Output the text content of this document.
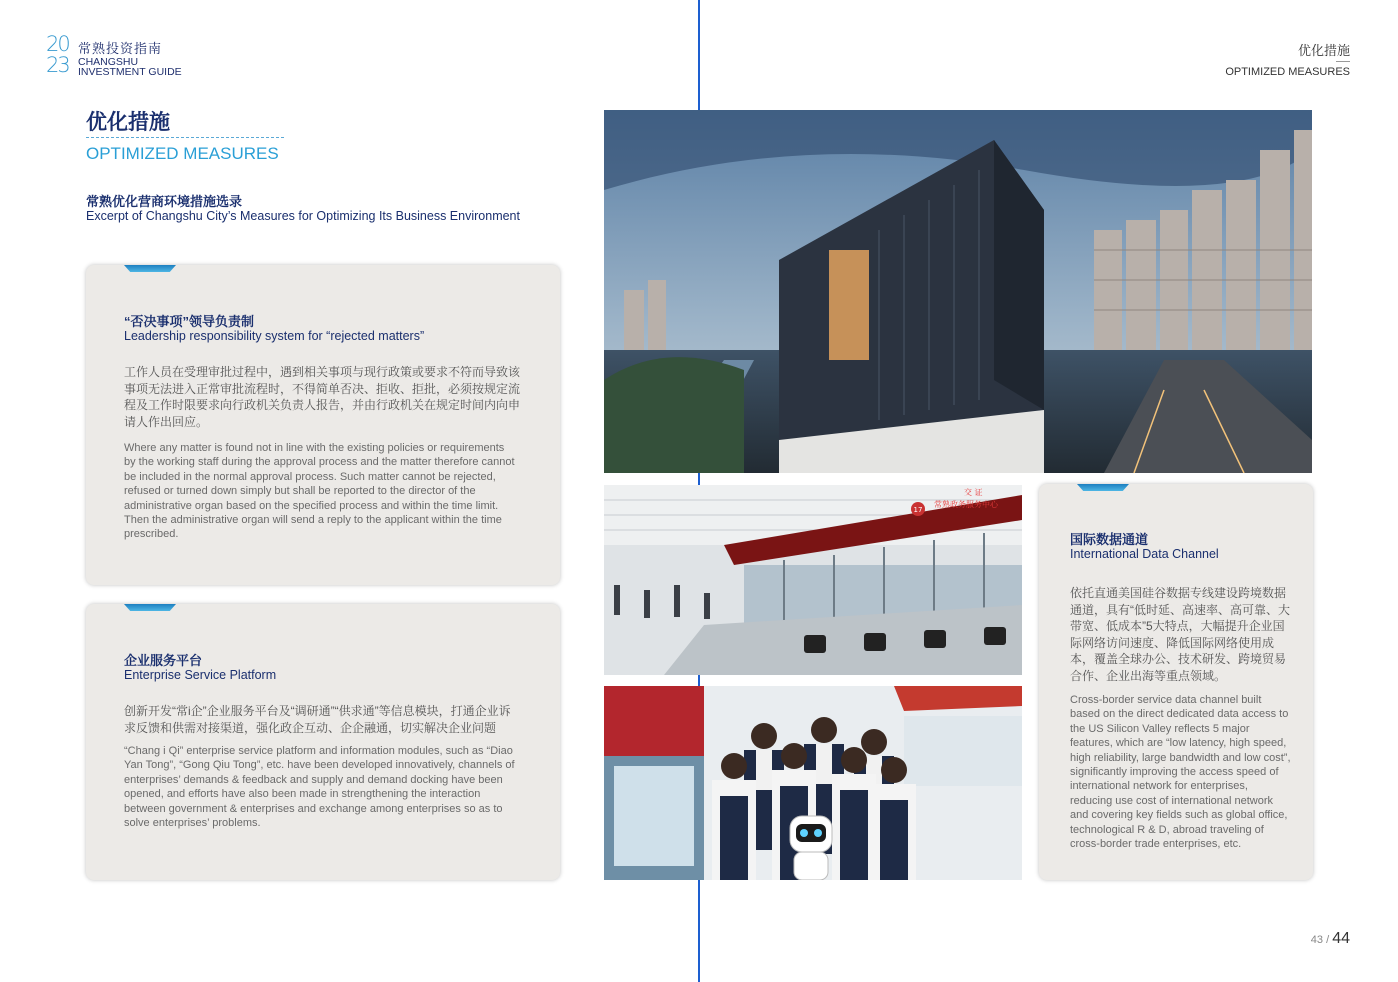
20
23
常熟投资指南
CHANGSHU
INVESTMENT GUIDE
优化措施
OPTIMIZED MEASURES
优化措施
OPTIMIZED MEASURES
常熟优化营商环境措施选录
Excerpt of Changshu City’s Measures for Optimizing Its Business Environment
“否决事项”领导负责制
Leadership responsibility system for “rejected matters”
工作人员在受理审批过程中，遇到相关事项与现行政策或要求不符而导致该事项无法进入正常审批流程时，不得简单否决、拒收、拒批，必须按规定流程及工作时限要求向行政机关负责人报告，并由行政机关在规定时间内向申请人作出回应。
Where any matter is found not in line with the existing policies or requirements by the working staff during the approval process and the matter therefore cannot be included in the normal approval process. Such matter cannot be rejected, refused or turned down simply but shall be reported to the director of the administrative organ based on the specified process and within the time limit. Then the administrative organ will send a reply to the applicant within the time prescribed.
企业服务平台
Enterprise Service Platform
创新开发“常i企”企业服务平台及“调研通”“供求通”等信息模块，打通企业诉求反馈和供需对接渠道，强化政企互动、企企融通，切实解决企业问题
“Chang i Qi” enterprise service platform and information modules, such as “Diao Yan Tong”, “Gong Qiu Tong”, etc. have been developed innovatively, channels of enterprises’ demands & feedback and supply and demand docking have been opened, and efforts have also been made in strengthening the interaction between government & enterprises and exchange among enterprises so as to solve enterprises’ problems.
国际数据通道
International Data Channel
依托直通美国硅谷数据专线建设跨境数据通道，具有“低时延、高速率、高可靠、大带宽、低成本”5大特点，大幅提升企业国际网络访问速度、降低国际网络使用成本，覆盖全球办公、技术研发、跨境贸易合作、企业出海等重点领域。
Cross-border service data channel built based on the direct dedicated data access to the US Silicon Valley reflects 5 major features, which are “low latency, high speed, high reliability, large bandwidth and low cost”, significantly improving the access speed of international network for enterprises, reducing use cost of international network and covering key fields such as global office, technological R & D, abroad traveling of cross-border trade enterprises, etc.
17
常熟政务服务中心
交 证
43 / 44
